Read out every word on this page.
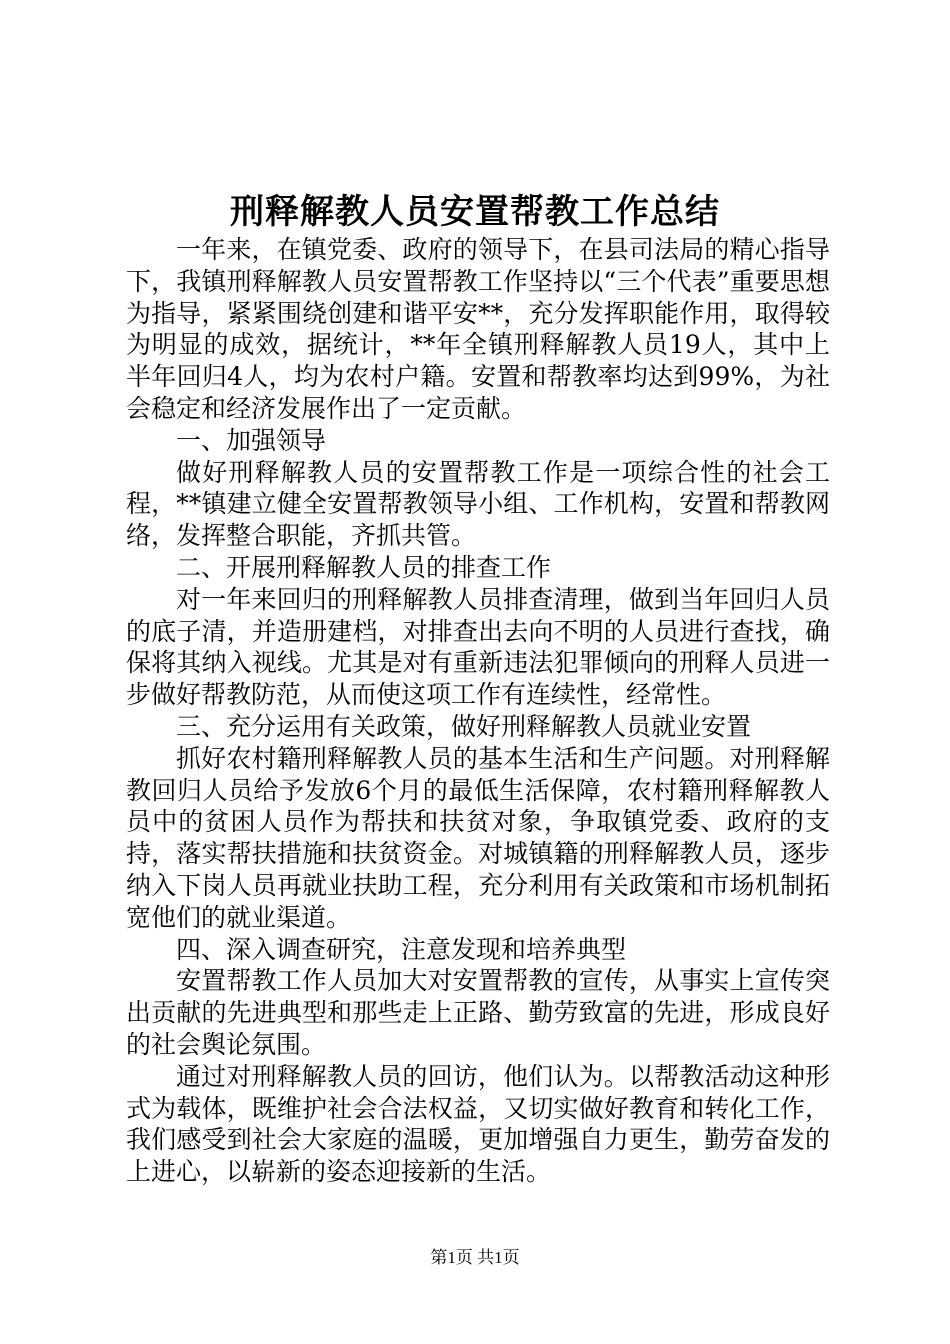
刑释解教人员安置帮教工作总结

一年来，在镇党委、政府的领导下，在县司法局的精心指导下，我镇刑释解教人员安置帮教工作坚持以“三个代表”重要思想为指导，紧紧围绕创建和谐平安**，充分发挥职能作用，取得较为明显的成效，据统计，**年全镇刑释解教人员19人，其中上半年回归4人，均为农村户籍。安置和帮教率均达到99%，为社会稳定和经济发展作出了一定贡献。

一、加强领导

做好刑释解教人员的安置帮教工作是一项综合性的社会工程，**镇建立健全安置帮教领导小组、工作机构，安置和帮教网络，发挥整合职能，齐抓共管。

二、开展刑释解教人员的排查工作

对一年来回归的刑释解教人员排查清理，做到当年回归人员的底子清，并造册建档，对排查出去向不明的人员进行查找，确保将其纳入视线。尤其是对有重新违法犯罪倾向的刑释人员进一步做好帮教防范，从而使这项工作有连续性，经常性。

三、充分运用有关政策，做好刑释解教人员就业安置

抓好农村籍刑释解教人员的基本生活和生产问题。对刑释解教回归人员给予发放6个月的最低生活保障，农村籍刑释解教人员中的贫困人员作为帮扶和扶贫对象，争取镇党委、政府的支持，落实帮扶措施和扶贫资金。对城镇籍的刑释解教人员，逐步纳入下岗人员再就业扶助工程，充分利用有关政策和市场机制拓宽他们的就业渠道。

四、深入调查研究，注意发现和培养典型

安置帮教工作人员加大对安置帮教的宣传，从事实上宣传突出贡献的先进典型和那些走上正路、勤劳致富的先进，形成良好的社会舆论氛围。

通过对刑释解教人员的回访，他们认为。以帮教活动这种形式为载体，既维护社会合法权益，又切实做好教育和转化工作，我们感受到社会大家庭的温暖，更加增强自力更生，勤劳奋发的上进心，以崭新的姿态迎接新的生活。

第1页 共1页
